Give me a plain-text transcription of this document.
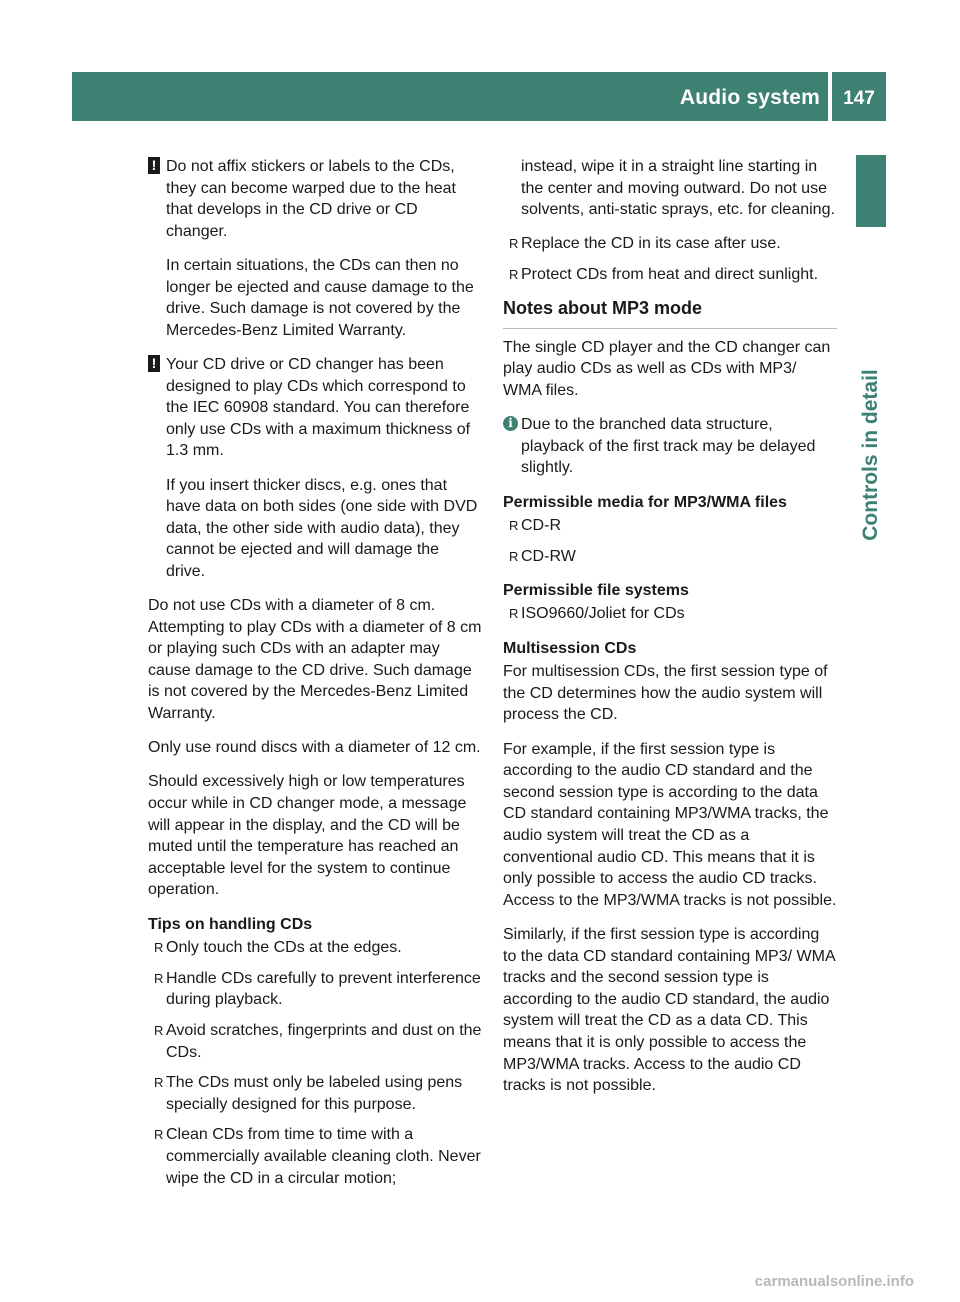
Audio system	147
Controls in detail

! Do not affix stickers or labels to the CDs, they can become warped due to the heat that develops in the CD drive or CD changer.

In certain situations, the CDs can then no longer be ejected and cause damage to the drive. Such damage is not covered by the Mercedes-Benz Limited Warranty.

! Your CD drive or CD changer has been designed to play CDs which correspond to the IEC 60908 standard. You can therefore only use CDs with a maximum thickness of 1.3 mm.

If you insert thicker discs, e.g. ones that have data on both sides (one side with DVD data, the other side with audio data), they cannot be ejected and will damage the drive.

Do not use CDs with a diameter of 8 cm. Attempting to play CDs with a diameter of 8 cm or playing such CDs with an adapter may cause damage to the CD drive. Such damage is not covered by the Mercedes-Benz Limited Warranty.

Only use round discs with a diameter of 12 cm.

Should excessively high or low temperatures occur while in CD changer mode, a message will appear in the display, and the CD will be muted until the temperature has reached an acceptable level for the system to continue operation.

Tips on handling CDs

R Only touch the CDs at the edges.
R Handle CDs carefully to prevent interference during playback.
R Avoid scratches, fingerprints and dust on the CDs.
R The CDs must only be labeled using pens specially designed for this purpose.
R Clean CDs from time to time with a commercially available cleaning cloth. Never wipe the CD in a circular motion;

instead, wipe it in a straight line starting in the center and moving outward. Do not use solvents, anti-static sprays, etc. for cleaning.

R Replace the CD in its case after use.
R Protect CDs from heat and direct sunlight.
Notes about MP3 mode

The single CD player and the CD changer can play audio CDs as well as CDs with MP3/ WMA files.

i Due to the branched data structure, playback of the first track may be delayed slightly.

Permissible media for MP3/WMA files

R CD-R
R CD-RW

Permissible file systems

R ISO9660/Joliet for CDs

Multisession CDs

For multisession CDs, the first session type of the CD determines how the audio system will process the CD.

For example, if the first session type is according to the audio CD standard and the second session type is according to the data CD standard containing MP3/WMA tracks, the audio system will treat the CD as a conventional audio CD. This means that it is only possible to access the audio CD tracks. Access to the MP3/WMA tracks is not possible.

Similarly, if the first session type is according to the data CD standard containing MP3/ WMA tracks and the second session type is according to the audio CD standard, the audio system will treat the CD as a data CD. This means that it is only possible to access the MP3/WMA tracks. Access to the audio CD tracks is not possible.

carmanualsonline.info
